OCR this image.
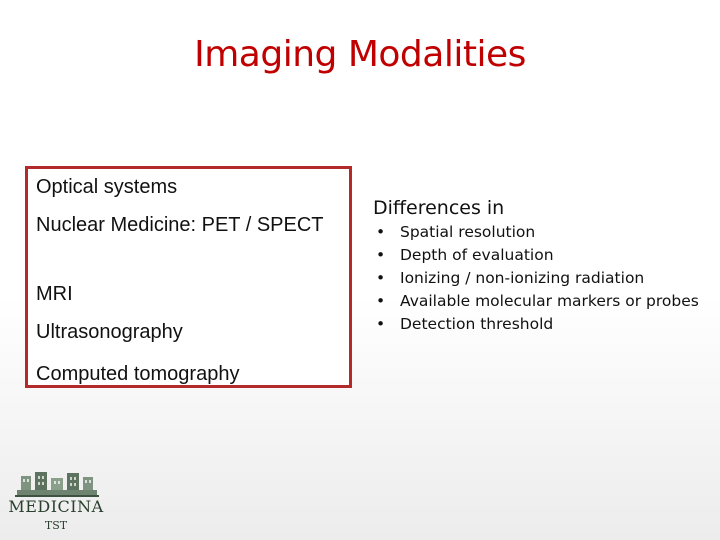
Imaging Modalities
Optical systems
Nuclear Medicine: PET / SPECT
MRI
Ultrasonography
Computed tomography
Differences in
• Spatial resolution
• Depth of evaluation
• Ionizing / non-ionizing radiation
• Available molecular markers or probes
• Detection threshold
MEDICINA
TST
